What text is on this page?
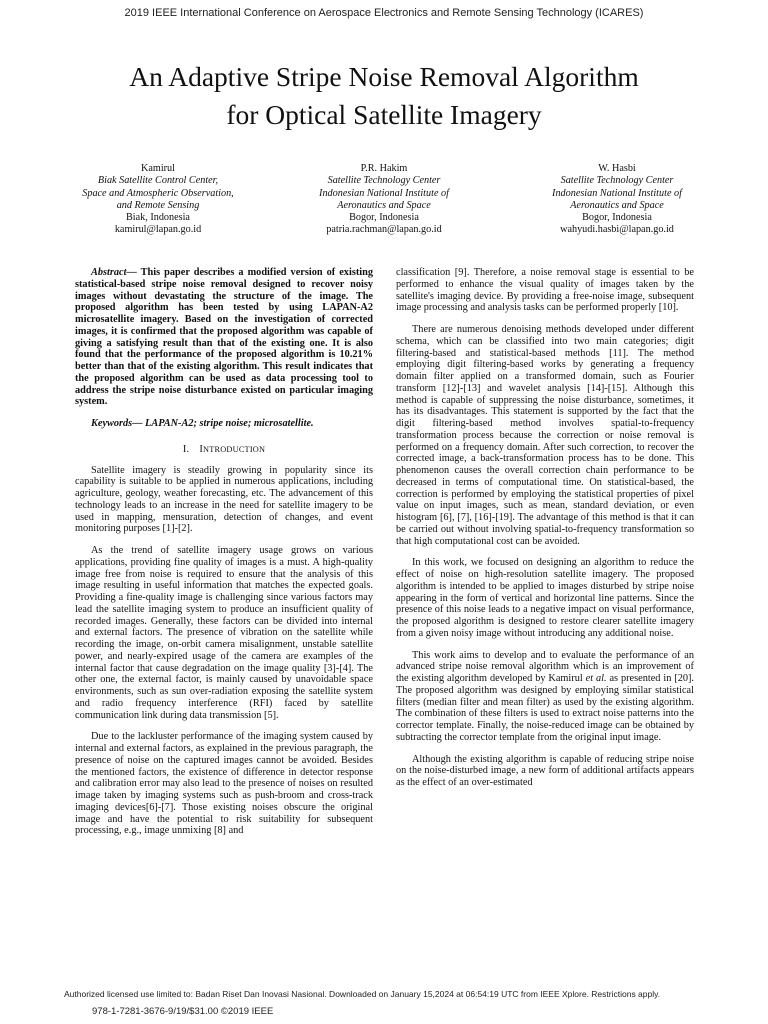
2019 IEEE International Conference on Aerospace Electronics and Remote Sensing Technology (ICARES)
An Adaptive Stripe Noise Removal Algorithm
for Optical Satellite Imagery
Kamirul
Biak Satellite Control Center,
Space and Atmospheric Observation,
and Remote Sensing
Biak, Indonesia
kamirul@lapan.go.id
P.R. Hakim
Satellite Technology Center
Indonesian National Institute of
Aeronautics and Space
Bogor, Indonesia
patria.rachman@lapan.go.id
W. Hasbi
Satellite Technology Center
Indonesian National Institute of
Aeronautics and Space
Bogor, Indonesia
wahyudi.hasbi@lapan.go.id

Abstract— This paper describes a modified version of existing statistical-based stripe noise removal designed to recover noisy images without devastating the structure of the image. The proposed algorithm has been tested by using LAPAN-A2 microsatellite imagery. Based on the investigation of corrected images, it is confirmed that the proposed algorithm was capable of giving a satisfying result than that of the existing one. It is also found that the performance of the proposed algorithm is 10.21% better than that of the existing algorithm. This result indicates that the proposed algorithm can be used as data processing tool to address the stripe noise disturbance existed on particular imaging system.

Keywords— LAPAN-A2; stripe noise; microsatellite.

I. INTRODUCTION

Satellite imagery is steadily growing in popularity since its capability is suitable to be applied in numerous applications, including agriculture, geology, weather forecasting, etc. The advancement of this technology leads to an increase in the need for satellite imagery to be used in mapping, mensuration, detection of changes, and event monitoring purposes [1]-[2].

As the trend of satellite imagery usage grows on various applications, providing fine quality of images is a must. A high-quality image free from noise is required to ensure that the analysis of this image resulting in useful information that matches the expected goals. Providing a fine-quality image is challenging since various factors may lead the satellite imaging system to produce an insufficient quality of recorded images. Generally, these factors can be divided into internal and external factors. The presence of vibration on the satellite while recording the image, on-orbit camera misalignment, unstable satellite power, and nearly-expired usage of the camera are examples of the internal factor that cause degradation on the image quality [3]-[4]. The other one, the external factor, is mainly caused by unavoidable space environments, such as sun over-radiation exposing the satellite system and radio frequency interference (RFI) faced by satellite communication link during data transmission [5].

Due to the lackluster performance of the imaging system caused by internal and external factors, as explained in the previous paragraph, the presence of noise on the captured images cannot be avoided. Besides the mentioned factors, the existence of difference in detector response and calibration error may also lead to the presence of noises on resulted image taken by imaging systems such as push-broom and cross-track imaging devices[6]-[7]. Those existing noises obscure the original image and have the potential to risk suitability for subsequent processing, e.g., image unmixing [8] and

classification [9]. Therefore, a noise removal stage is essential to be performed to enhance the visual quality of images taken by the satellite's imaging device. By providing a free-noise image, subsequent image processing and analysis tasks can be performed properly [10].

There are numerous denoising methods developed under different schema, which can be classified into two main categories; digit filtering-based and statistical-based methods [11]. The method employing digit filtering-based works by generating a frequency domain filter applied on a transformed domain, such as Fourier transform [12]-[13] and wavelet analysis [14]-[15]. Although this method is capable of suppressing the noise disturbance, sometimes, it has its disadvantages. This statement is supported by the fact that the digit filtering-based method involves spatial-to-frequency transformation process because the correction or noise removal is performed on a frequency domain. After such correction, to recover the corrected image, a back-transformation process has to be done. This phenomenon causes the overall correction chain performance to be decreased in terms of computational time. On statistical-based, the correction is performed by employing the statistical properties of pixel value on input images, such as mean, standard deviation, or even histogram [6], [7], [16]-[19]. The advantage of this method is that it can be carried out without involving spatial-to-frequency transformation so that high computational cost can be avoided.

In this work, we focused on designing an algorithm to reduce the effect of noise on high-resolution satellite imagery. The proposed algorithm is intended to be applied to images disturbed by stripe noise appearing in the form of vertical and horizontal line patterns. Since the presence of this noise leads to a negative impact on visual performance, the proposed algorithm is designed to restore clearer satellite imagery from a given noisy image without introducing any additional noise.

This work aims to develop and to evaluate the performance of an advanced stripe noise removal algorithm which is an improvement of the existing algorithm developed by Kamirul et al. as presented in [20]. The proposed algorithm was designed by employing similar statistical filters (median filter and mean filter) as used by the existing algorithm. The combination of these filters is used to extract noise patterns into the corrector template. Finally, the noise-reduced image can be obtained by subtracting the corrector template from the original input image.

Although the existing algorithm is capable of reducing stripe noise on the noise-disturbed image, a new form of additional artifacts appears as the effect of an over-estimated

Authorized licensed use limited to: Badan Riset Dan Inovasi Nasional. Downloaded on January 15,2024 at 06:54:19 UTC from IEEE Xplore. Restrictions apply.
978-1-7281-3676-9/19/$31.00 ©2019 IEEE
